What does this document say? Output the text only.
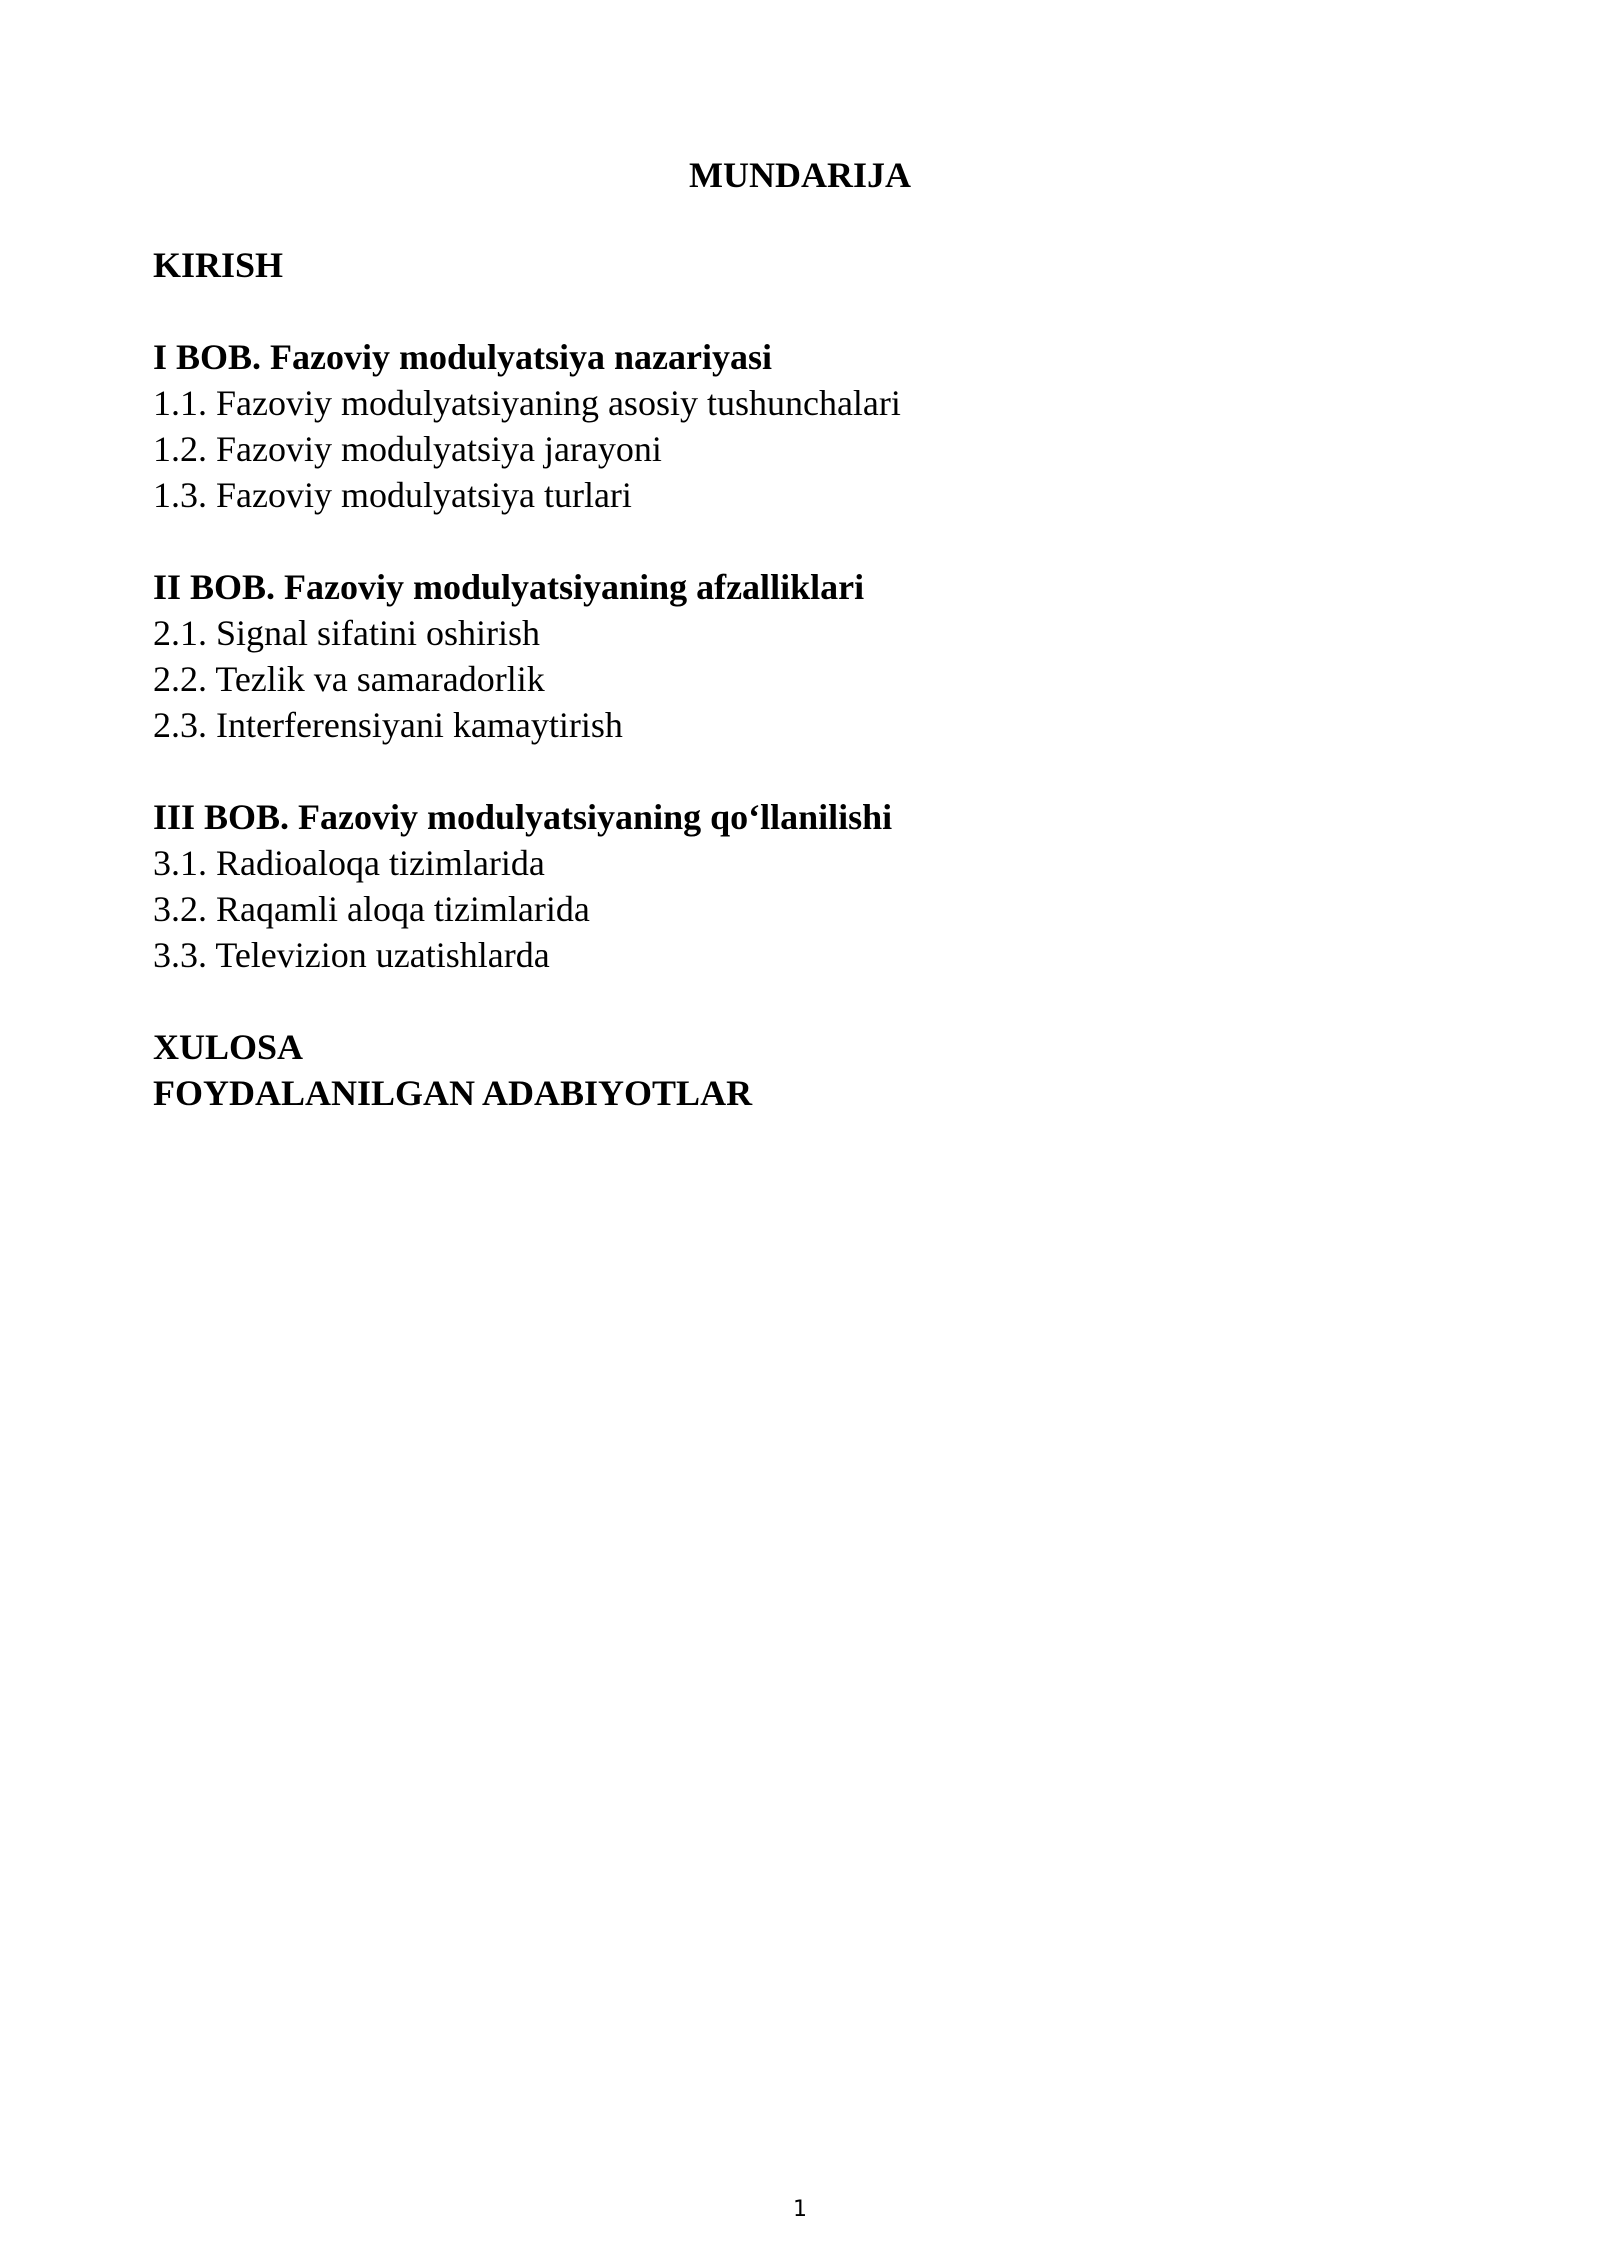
MUNDARIJA

KIRISH

I BOB. Fazoviy modulyatsiya nazariyasi

1.1. Fazoviy modulyatsiyaning asosiy tushunchalari

1.2. Fazoviy modulyatsiya jarayoni

1.3. Fazoviy modulyatsiya turlari

II BOB. Fazoviy modulyatsiyaning afzalliklari

2.1. Signal sifatini oshirish

2.2. Tezlik va samaradorlik

2.3. Interferensiyani kamaytirish

III BOB. Fazoviy modulyatsiyaning qo‘llanilishi

3.1. Radioaloqa tizimlarida

3.2. Raqamli aloqa tizimlarida

3.3. Televizion uzatishlarda

XULOSA

FOYDALANILGAN ADABIYOTLAR

1
